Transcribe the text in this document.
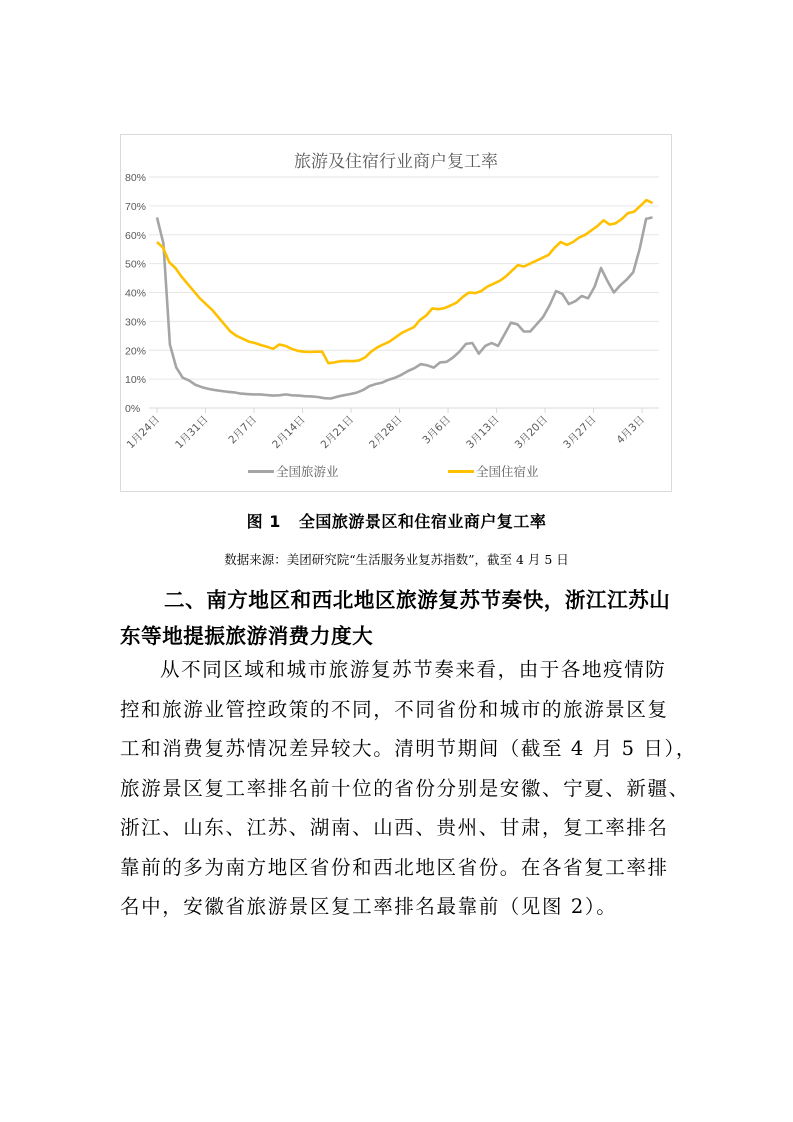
旅游及住宿行业商户复工率
0%
10%
20%
30%
40%
50%
60%
70%
80%
1月24日 1月31日 2月7日 2月14日 2月21日 2月28日 3月6日 3月13日 3月20日 3月27日 4月3日
全国旅游业	全国住宿业
图 1 全国旅游景区和住宿业商户复工率
数据来源：美团研究院“生活服务业复苏指数”，截至 4 月 5 日
二、南方地区和西北地区旅游复苏节奏快，浙江江苏山
东等地提振旅游消费力度大
从不同区域和城市旅游复苏节奏来看，由于各地疫情防
控和旅游业管控政策的不同，不同省份和城市的旅游景区复
工和消费复苏情况差异较大。清明节期间（截至 4 月 5 日），
旅游景区复工率排名前十位的省份分别是安徽、宁夏、新疆、
浙江、山东、江苏、湖南、山西、贵州、甘肃，复工率排名
靠前的多为南方地区省份和西北地区省份。在各省复工率排
名中，安徽省旅游景区复工率排名最靠前（见图 2）。
